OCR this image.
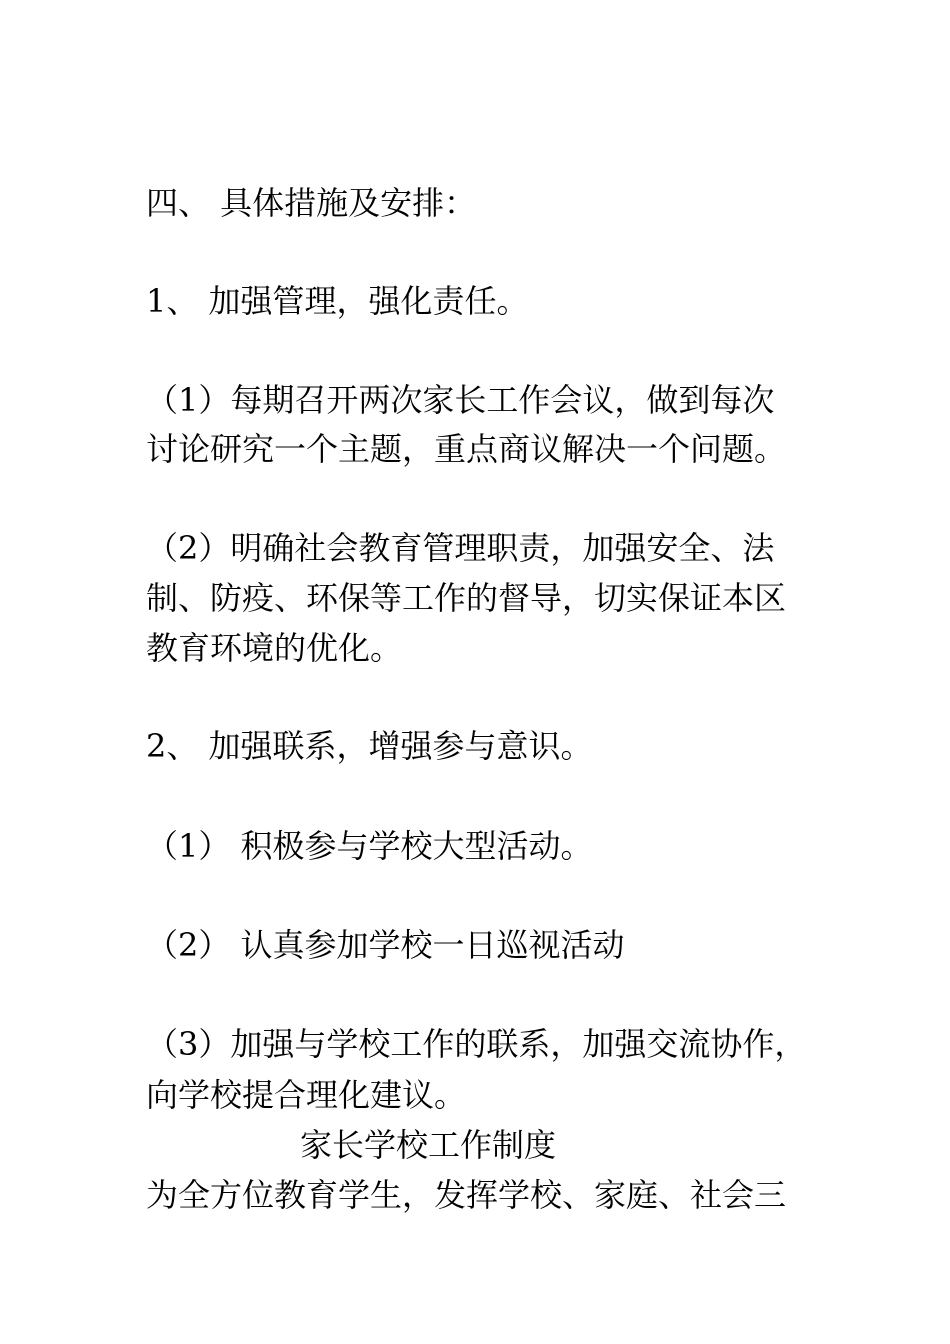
四、 具体措施及安排：
1、 加强管理，强化责任。
（1）每期召开两次家长工作会议，做到每次
讨论研究一个主题，重点商议解决一个问题。
（2）明确社会教育管理职责，加强安全、法
制、防疫、环保等工作的督导，切实保证本区
教育环境的优化。
2、 加强联系，增强参与意识。
（1） 积极参与学校大型活动。
（2） 认真参加学校一日巡视活动
（3）加强与学校工作的联系，加强交流协作，
向学校提合理化建议。
家长学校工作制度
为全方位教育学生，发挥学校、家庭、社会三
